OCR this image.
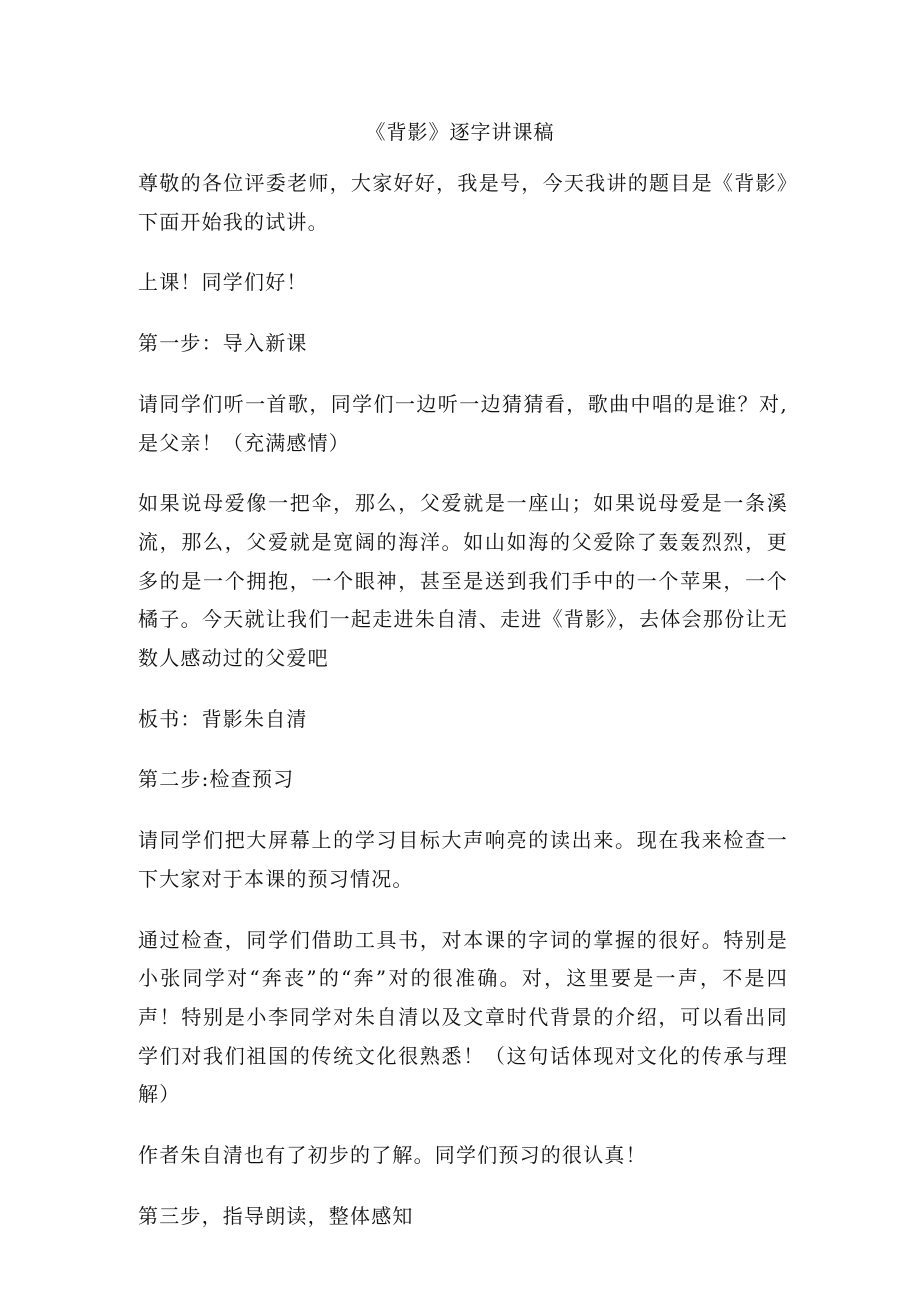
《背影》逐字讲课稿

尊敬的各位评委老师，大家好好，我是号，今天我讲的题目是《背影》下面开始我的试讲。

上课！同学们好！

第一步：导入新课

请同学们听一首歌，同学们一边听一边猜猜看，歌曲中唱的是谁？对,是父亲！（充满感情）

如果说母爱像一把伞，那么，父爱就是一座山；如果说母爱是一条溪流，那么，父爱就是宽阔的海洋。如山如海的父爱除了轰轰烈烈，更多的是一个拥抱，一个眼神，甚至是送到我们手中的一个苹果，一个橘子。今天就让我们一起走进朱自清、走进《背影》，去体会那份让无数人感动过的父爱吧

板书：背影朱自清

第二步:检查预习

请同学们把大屏幕上的学习目标大声响亮的读出来。现在我来检查一下大家对于本课的预习情况。

通过检查，同学们借助工具书，对本课的字词的掌握的很好。特别是小张同学对“奔丧”的“奔”对的很准确。对，这里要是一声，不是四声！特别是小李同学对朱自清以及文章时代背景的介绍，可以看出同学们对我们祖国的传统文化很熟悉！（这句话体现对文化的传承与理解）

作者朱自清也有了初步的了解。同学们预习的很认真！

第三步，指导朗读，整体感知
